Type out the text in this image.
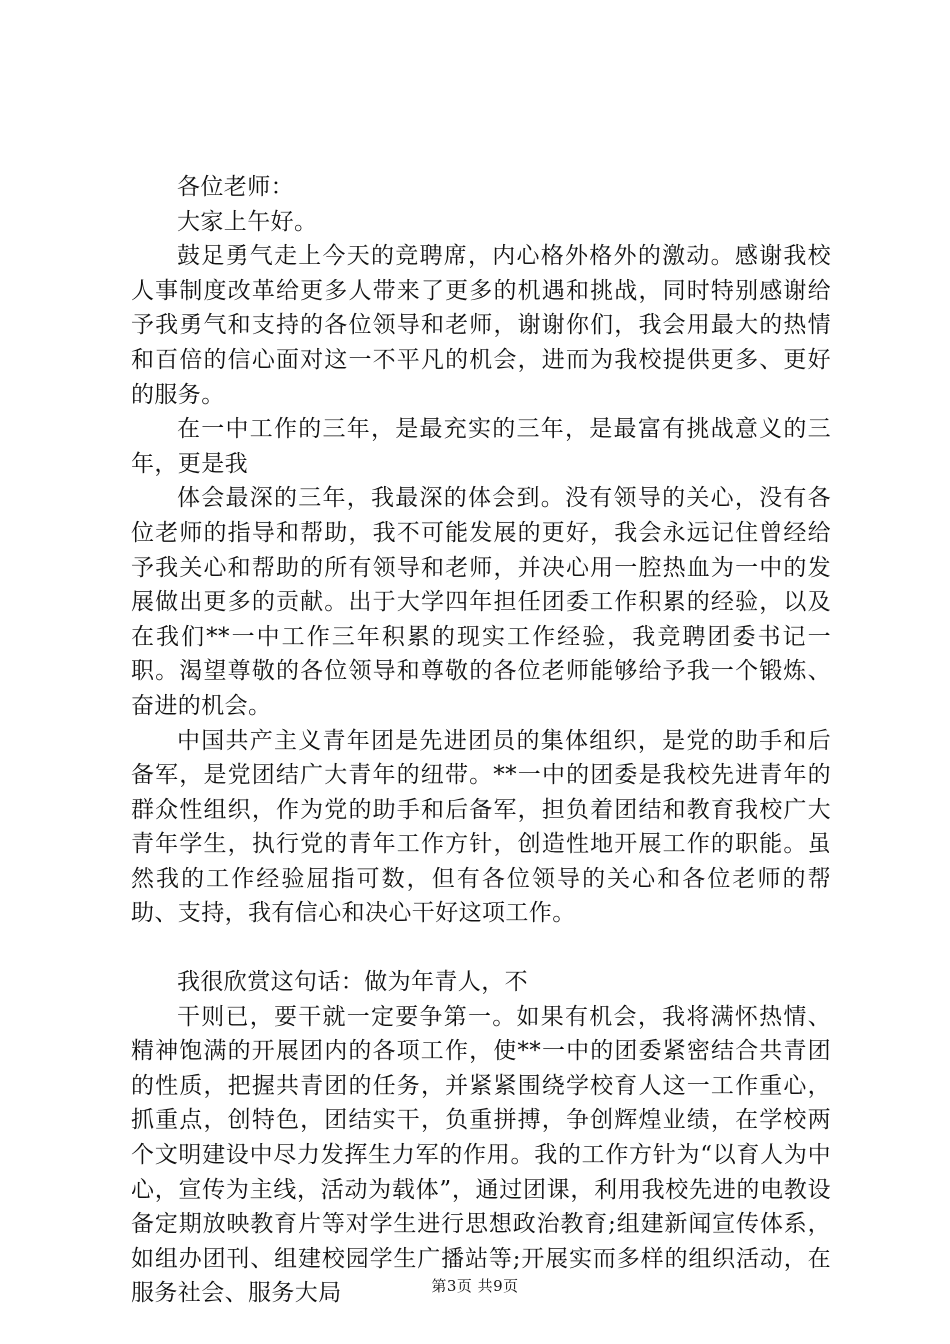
各位老师：

大家上午好。

鼓足勇气走上今天的竞聘席，内心格外格外的激动。感谢我校人事制度改革给更多人带来了更多的机遇和挑战，同时特别感谢给予我勇气和支持的各位领导和老师，谢谢你们，我会用最大的热情和百倍的信心面对这一不平凡的机会，进而为我校提供更多、更好的服务。

在一中工作的三年，是最充实的三年，是最富有挑战意义的三年，更是我

体会最深的三年，我最深的体会到。没有领导的关心，没有各位老师的指导和帮助，我不可能发展的更好，我会永远记住曾经给予我关心和帮助的所有领导和老师，并决心用一腔热血为一中的发展做出更多的贡献。出于大学四年担任团委工作积累的经验，以及在我们**一中工作三年积累的现实工作经验，我竞聘团委书记一职。渴望尊敬的各位领导和尊敬的各位老师能够给予我一个锻炼、奋进的机会。

中国共产主义青年团是先进团员的集体组织，是党的助手和后备军，是党团结广大青年的纽带。**一中的团委是我校先进青年的群众性组织，作为党的助手和后备军，担负着团结和教育我校广大青年学生，执行党的青年工作方针，创造性地开展工作的职能。虽然我的工作经验屈指可数，但有各位领导的关心和各位老师的帮助、支持，我有信心和决心干好这项工作。

我很欣赏这句话：做为年青人，不

干则已，要干就一定要争第一。如果有机会，我将满怀热情、精神饱满的开展团内的各项工作，使**一中的团委紧密结合共青团的性质，把握共青团的任务，并紧紧围绕学校育人这一工作重心，抓重点，创特色，团结实干，负重拼搏，争创辉煌业绩，在学校两个文明建设中尽力发挥生力军的作用。我的工作方针为“以育人为中心，宣传为主线，活动为载体”，通过团课，利用我校先进的电教设备定期放映教育片等对学生进行思想政治教育;组建新闻宣传体系，如组办团刊、组建校园学生广播站等;开展实而多样的组织活动，在服务社会、服务大局	第3页 共9页
